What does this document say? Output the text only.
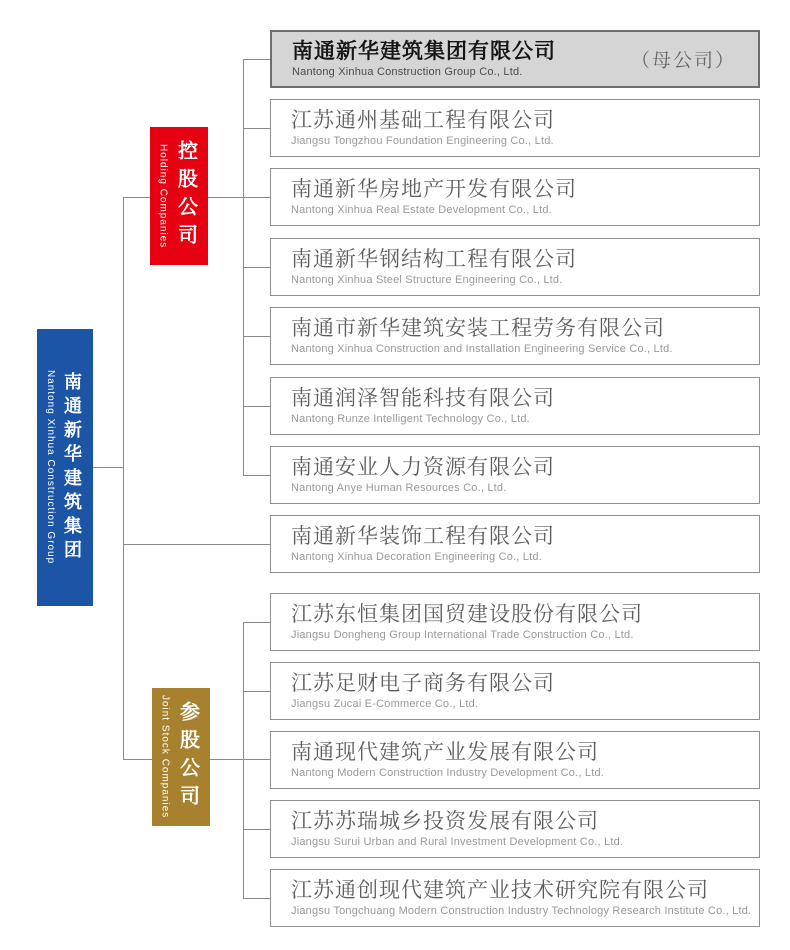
Nantong Xinhua Construction Group 南通新华建筑集团
Holding Companies 控股公司
Joint Stock Companies 参股公司
南通新华建筑集团有限公司
Nantong Xinhua Construction Group Co., Ltd.
（母公司）
江苏通州基础工程有限公司
Jiangsu Tongzhou Foundation Engineering Co., Ltd.
南通新华房地产开发有限公司
Nantong Xinhua Real Estate Development Co., Ltd.
南通新华钢结构工程有限公司
Nantong Xinhua Steel Structure Engineering Co., Ltd.
南通市新华建筑安装工程劳务有限公司
Nantong Xinhua Construction and Installation Engineering Service Co., Ltd.
南通润泽智能科技有限公司
Nantong Runze Intelligent Technology Co., Ltd.
南通安业人力资源有限公司
Nantong Anye Human Resources Co., Ltd.
南通新华装饰工程有限公司
Nantong Xinhua Decoration Engineering Co., Ltd.
江苏东恒集团国贸建设股份有限公司
Jiangsu Dongheng Group International Trade Construction Co., Ltd.
江苏足财电子商务有限公司
Jiangsu Zucai E-Commerce Co., Ltd.
南通现代建筑产业发展有限公司
Nantong Modern Construction Industry Development Co., Ltd.
江苏苏瑞城乡投资发展有限公司
Jiangsu Surui Urban and Rural Investment Development Co., Ltd.
江苏通创现代建筑产业技术研究院有限公司
Jiangsu Tongchuang Modern Construction Industry Technology Research Institute Co., Ltd.
